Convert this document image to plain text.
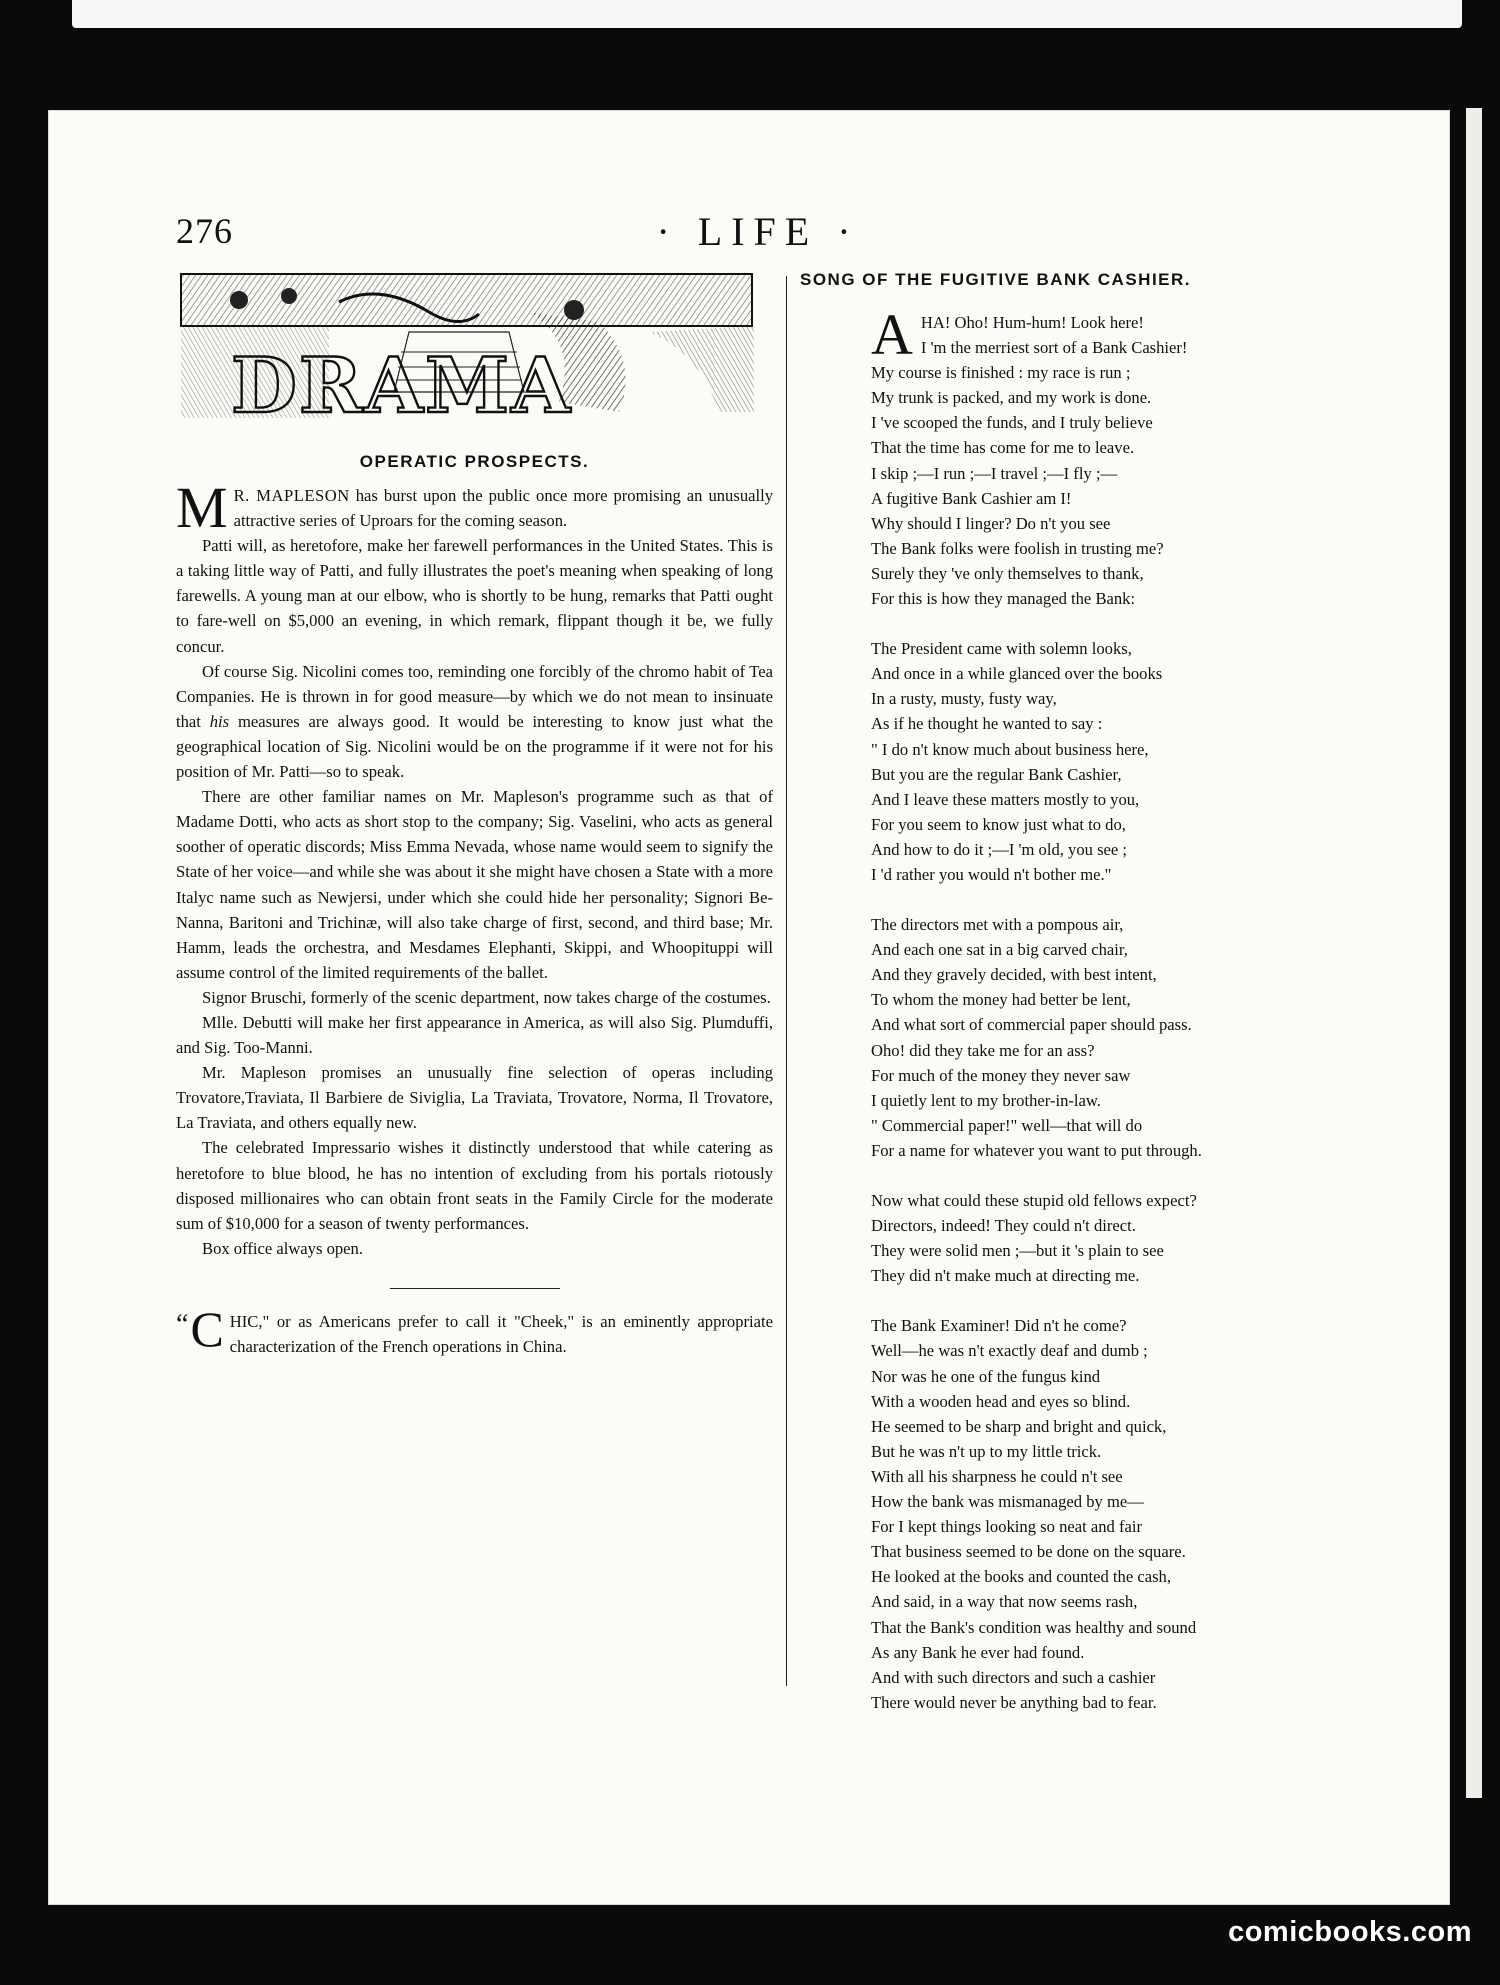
276	· LIFE ·
DRAMA
OPERATIC PROSPECTS.

M R. MAPLESON has burst upon the public once more promising an unusually attractive series of Uproars for the coming season.

Patti will, as heretofore, make her farewell performances in the United States. This is a taking little way of Patti, and fully illustrates the poet's meaning when speaking of long farewells. A young man at our elbow, who is shortly to be hung, remarks that Patti ought to fare-well on $5,000 an evening, in which remark, flippant though it be, we fully concur.

Of course Sig. Nicolini comes too, reminding one forcibly of the chromo habit of Tea Companies. He is thrown in for good measure—by which we do not mean to insinuate that his measures are always good. It would be interesting to know just what the geographical location of Sig. Nicolini would be on the programme if it were not for his position of Mr. Patti—so to speak.

There are other familiar names on Mr. Mapleson's programme such as that of Madame Dotti, who acts as short stop to the company; Sig. Vaselini, who acts as general soother of operatic discords; Miss Emma Nevada, whose name would seem to signify the State of her voice—and while she was about it she might have chosen a State with a more Italyc name such as Newjersi, under which she could hide her personality; Signori Be-Nanna, Baritoni and Trichinæ, will also take charge of first, second, and third base; Mr. Hamm, leads the orchestra, and Mesdames Elephanti, Skippi, and Whoopituppi will assume control of the limited requirements of the ballet.

Signor Bruschi, formerly of the scenic department, now takes charge of the costumes.

Mlle. Debutti will make her first appearance in America, as will also Sig. Plumduffi, and Sig. Too-Manni.

Mr. Mapleson promises an unusually fine selection of operas including Trovatore,Traviata, Il Barbiere de Siviglia, La Traviata, Trovatore, Norma, Il Trovatore, La Traviata, and others equally new.

The celebrated Impressario wishes it distinctly understood that while catering as heretofore to blue blood, he has no intention of excluding from his portals riotously disposed millionaires who can obtain front seats in the Family Circle for the moderate sum of $10,000 for a season of twenty performances.

Box office always open.

“ C HIC," or as Americans prefer to call it "Cheek," is an eminently appropriate characterization of the French operations in China.

SONG OF THE FUGITIVE BANK CASHIER.
AHA! Oho! Hum-hum! Look here!
I 'm the merriest sort of a Bank Cashier!
My course is finished : my race is run ;
My trunk is packed, and my work is done.
I 've scooped the funds, and I truly believe
That the time has come for me to leave.
I skip ;—I run ;—I travel ;—I fly ;—
A fugitive Bank Cashier am I!
Why should I linger? Do n't you see
The Bank folks were foolish in trusting me?
Surely they 've only themselves to thank,
For this is how they managed the Bank:
The President came with solemn looks,
And once in a while glanced over the books
In a rusty, musty, fusty way,
As if he thought he wanted to say :
" I do n't know much about business here,
But you are the regular Bank Cashier,
And I leave these matters mostly to you,
For you seem to know just what to do,
And how to do it ;—I 'm old, you see ;
I 'd rather you would n't bother me."
The directors met with a pompous air,
And each one sat in a big carved chair,
And they gravely decided, with best intent,
To whom the money had better be lent,
And what sort of commercial paper should pass.
Oho! did they take me for an ass?
For much of the money they never saw
I quietly lent to my brother-in-law.
" Commercial paper!" well—that will do
For a name for whatever you want to put through.
Now what could these stupid old fellows expect?
Directors, indeed! They could n't direct.
They were solid men ;—but it 's plain to see
They did n't make much at directing me.
The Bank Examiner! Did n't he come?
Well—he was n't exactly deaf and dumb ;
Nor was he one of the fungus kind
With a wooden head and eyes so blind.
He seemed to be sharp and bright and quick,
But he was n't up to my little trick.
With all his sharpness he could n't see
How the bank was mismanaged by me—
For I kept things looking so neat and fair
That business seemed to be done on the square.
He looked at the books and counted the cash,
And said, in a way that now seems rash,
That the Bank's condition was healthy and sound
As any Bank he ever had found.
And with such directors and such a cashier
There would never be anything bad to fear.
comicbooks.com
